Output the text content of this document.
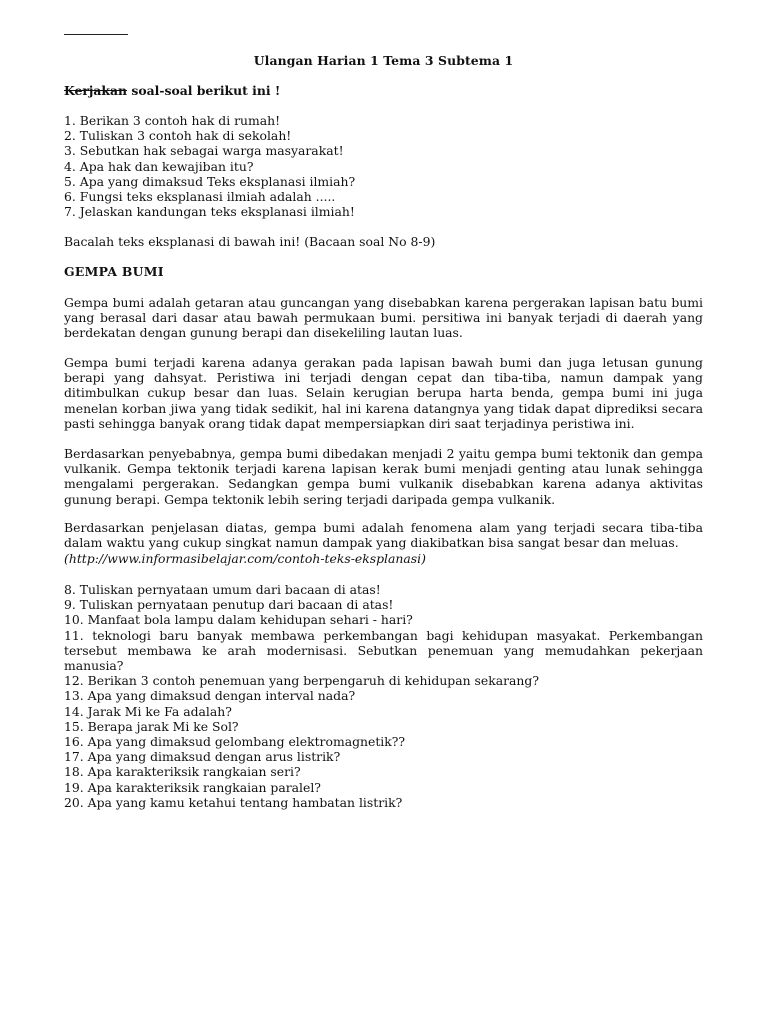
Ulangan Harian 1 Tema 3 Subtema 1
Kerjakan soal-soal berikut ini !
1. Berikan 3 contoh hak di rumah!
2. Tuliskan 3 contoh hak di sekolah!
3. Sebutkan hak sebagai warga masyarakat!
4. Apa hak dan kewajiban itu?
5. Apa yang dimaksud Teks eksplanasi ilmiah?
6. Fungsi teks eksplanasi ilmiah adalah .....
7. Jelaskan kandungan teks eksplanasi ilmiah!
Bacalah teks eksplanasi di bawah ini! (Bacaan soal No 8-9)
GEMPA BUMI

Gempa bumi adalah getaran atau guncangan yang disebabkan karena pergerakan lapisan batu bumi yang berasal dari dasar atau bawah permukaan bumi. persitiwa ini banyak terjadi di daerah yang berdekatan dengan gunung berapi dan disekeliling lautan luas.

Gempa bumi terjadi karena adanya gerakan pada lapisan bawah bumi dan juga letusan gunung berapi yang dahsyat. Peristiwa ini terjadi dengan cepat dan tiba-tiba, namun dampak yang ditimbulkan cukup besar dan luas. Selain kerugian berupa harta benda, gempa bumi ini juga menelan korban jiwa yang tidak sedikit, hal ini karena datangnya yang tidak dapat diprediksi secara pasti sehingga banyak orang tidak dapat mempersiapkan diri saat terjadinya peristiwa ini.

Berdasarkan penyebabnya, gempa bumi dibedakan menjadi 2 yaitu gempa bumi tektonik dan gempa vulkanik. Gempa tektonik terjadi karena lapisan kerak bumi menjadi genting atau lunak sehingga mengalami pergerakan. Sedangkan gempa bumi vulkanik disebabkan karena adanya aktivitas gunung berapi. Gempa tektonik lebih sering terjadi daripada gempa vulkanik.

Berdasarkan penjelasan diatas, gempa bumi adalah fenomena alam yang terjadi secara tiba-tiba dalam waktu yang cukup singkat namun dampak yang diakibatkan bisa sangat besar dan meluas.

(http://www.informasibelajar.com/contoh-teks-eksplanasi)
8. Tuliskan pernyataan umum dari bacaan di atas!
9. Tuliskan pernyataan penutup dari bacaan di atas!
10. Manfaat bola lampu dalam kehidupan sehari - hari?
11. teknologi baru banyak membawa perkembangan bagi kehidupan masyakat. Perkembangan tersebut membawa ke arah modernisasi. Sebutkan penemuan yang memudahkan pekerjaan manusia?
12. Berikan 3 contoh penemuan yang berpengaruh di kehidupan sekarang?
13. Apa yang dimaksud dengan interval nada?
14. Jarak Mi ke Fa adalah?
15. Berapa jarak Mi ke Sol?
16. Apa yang dimaksud gelombang elektromagnetik??
17. Apa yang dimaksud dengan arus listrik?
18. Apa karakteriksik rangkaian seri?
19. Apa karakteriksik rangkaian paralel?
20. Apa yang kamu ketahui tentang hambatan listrik?
